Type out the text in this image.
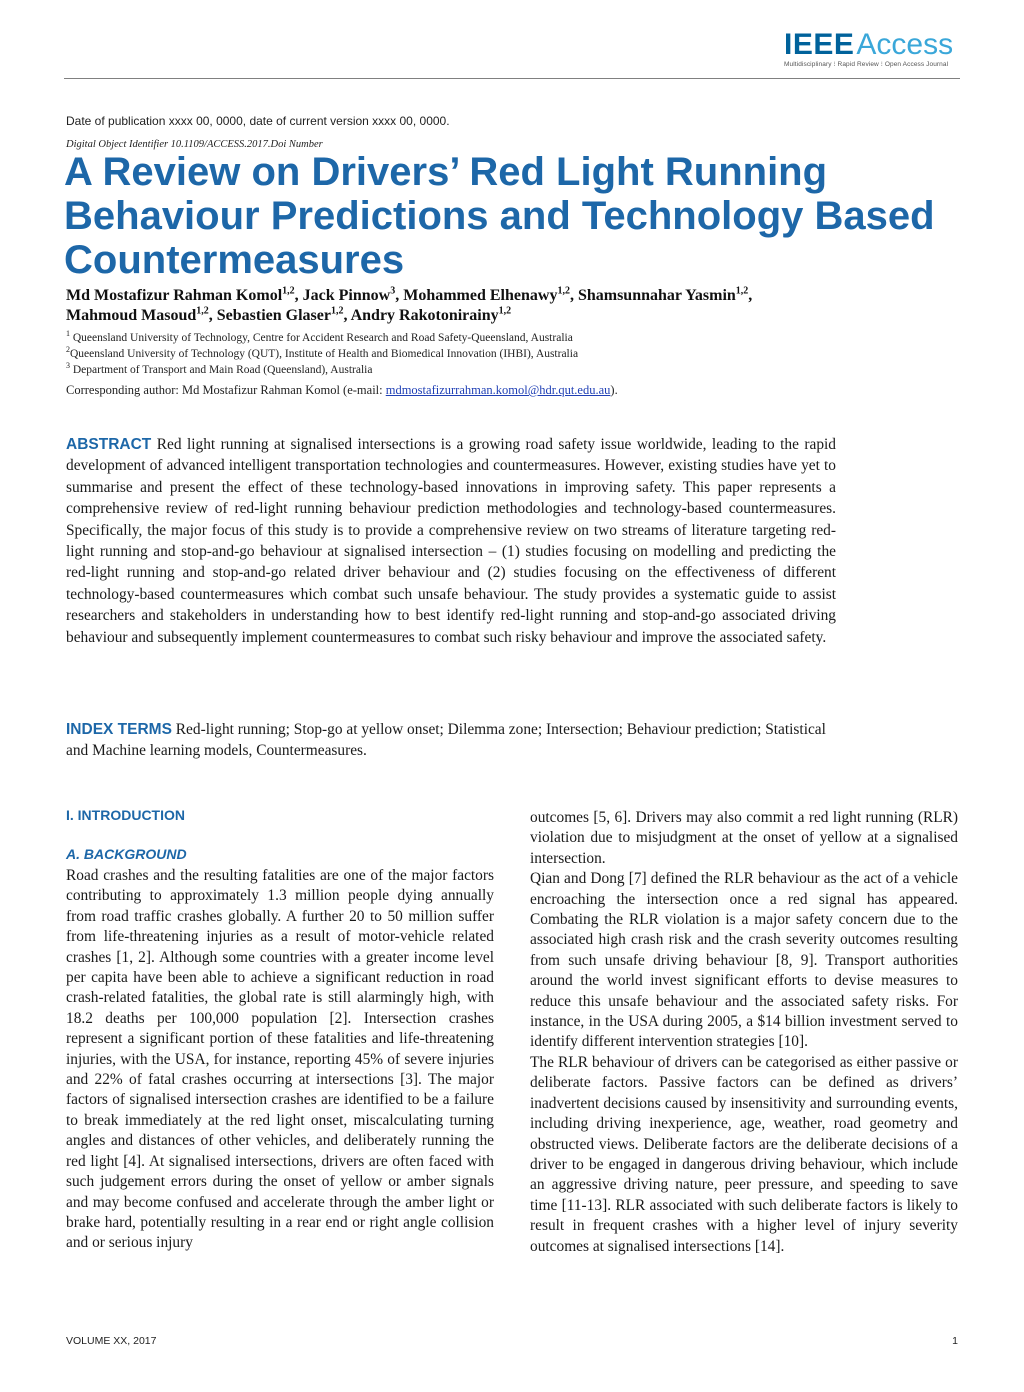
IEEE Access
Multidisciplinary ⁝ Rapid Review ⁝ Open Access Journal
Date of publication xxxx 00, 0000, date of current version xxxx 00, 0000.
Digital Object Identifier 10.1109/ACCESS.2017.Doi Number
A Review on Drivers’ Red Light Running Behaviour Predictions and Technology Based Countermeasures
Md Mostafizur Rahman Komol$^{1,2}$, Jack Pinnow$^3$, Mohammed Elhenawy$^{1,2}$, Shamsunnahar Yasmin$^{1,2}$,
Mahmoud Masoud$^{1,2}$, Sebastien Glaser$^{1,2}$, Andry Rakotonirainy$^{1,2}$
$^1$ Queensland University of Technology, Centre for Accident Research and Road Safety-Queensland, Australia
$^2$Queensland University of Technology (QUT), Institute of Health and Biomedical Innovation (IHBI), Australia
$^3$ Department of Transport and Main Road (Queensland), Australia
Corresponding author: Md Mostafizur Rahman Komol (e-mail: mdmostafizurrahman.komol@hdr.qut.edu.au).
ABSTRACT Red light running at signalised intersections is a growing road safety issue worldwide, leading to the rapid development of advanced intelligent transportation technologies and countermeasures. However, existing studies have yet to summarise and present the effect of these technology-based innovations in improving safety. This paper represents a comprehensive review of red-light running behaviour prediction methodologies and technology-based countermeasures. Specifically, the major focus of this study is to provide a comprehensive review on two streams of literature targeting red-light running and stop-and-go behaviour at signalised intersection – (1) studies focusing on modelling and predicting the red-light running and stop-and-go related driver behaviour and (2) studies focusing on the effectiveness of different technology-based countermeasures which combat such unsafe behaviour. The study provides a systematic guide to assist researchers and stakeholders in understanding how to best identify red-light running and stop-and-go associated driving behaviour and subsequently implement countermeasures to combat such risky behaviour and improve the associated safety.
INDEX TERMS Red-light running; Stop-go at yellow onset; Dilemma zone; Intersection; Behaviour prediction; Statistical and Machine learning models, Countermeasures.
I. INTRODUCTION
A. BACKGROUND

Road crashes and the resulting fatalities are one of the major factors contributing to approximately 1.3 million people dying annually from road traffic crashes globally. A further 20 to 50 million suffer from life-threatening injuries as a result of motor-vehicle related crashes [1, 2]. Although some countries with a greater income level per capita have been able to achieve a significant reduction in road crash-related fatalities, the global rate is still alarmingly high, with 18.2 deaths per 100,000 population [2]. Intersection crashes represent a significant portion of these fatalities and life-threatening injuries, with the USA, for instance, reporting 45% of severe injuries and 22% of fatal crashes occurring at intersections [3]. The major factors of signalised intersection crashes are identified to be a failure to break immediately at the red light onset, miscalculating turning angles and distances of other vehicles, and deliberately running the red light [4]. At signalised intersections, drivers are often faced with such judgement errors during the onset of yellow or amber signals and may become confused and accelerate through the amber light or brake hard, potentially resulting in a rear end or right angle collision and or serious injury

outcomes [5, 6]. Drivers may also commit a red light running (RLR) violation due to misjudgment at the onset of yellow at a signalised intersection.

Qian and Dong [7] defined the RLR behaviour as the act of a vehicle encroaching the intersection once a red signal has appeared. Combating the RLR violation is a major safety concern due to the associated high crash risk and the crash severity outcomes resulting from such unsafe driving behaviour [8, 9]. Transport authorities around the world invest significant efforts to devise measures to reduce this unsafe behaviour and the associated safety risks. For instance, in the USA during 2005, a $14 billion investment served to identify different intervention strategies [10].

The RLR behaviour of drivers can be categorised as either passive or deliberate factors. Passive factors can be defined as drivers’ inadvertent decisions caused by insensitivity and surrounding events, including driving inexperience, age, weather, road geometry and obstructed views. Deliberate factors are the deliberate decisions of a driver to be engaged in dangerous driving behaviour, which include an aggressive driving nature, peer pressure, and speeding to save time [11-13]. RLR associated with such deliberate factors is likely to result in frequent crashes with a higher level of injury severity outcomes at signalised intersections [14].

VOLUME XX, 2017	1
